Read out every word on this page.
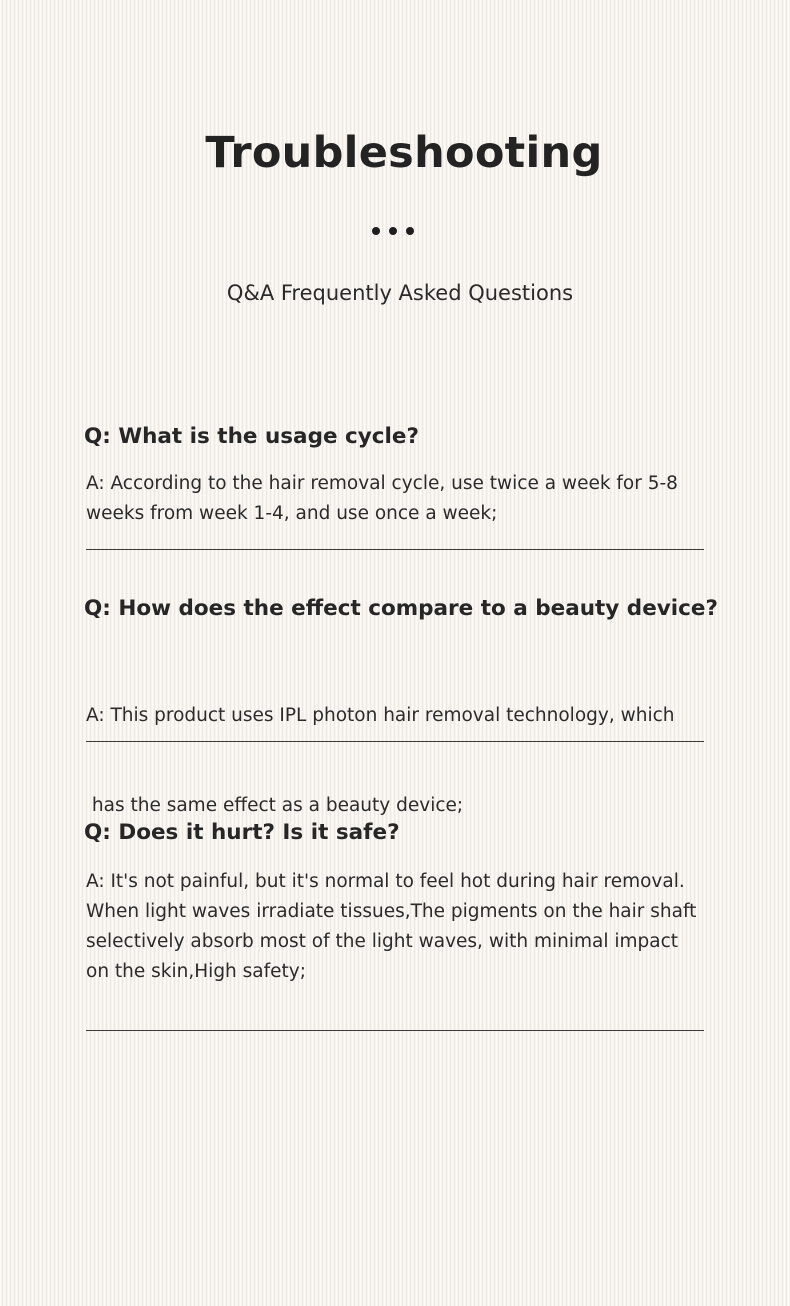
Troubleshooting
Q&A Frequently Asked Questions
Q: What is the usage cycle?
A: According to the hair removal cycle, use twice a week for 5-8
weeks from week 1-4, and use once a week;
Q: How does the effect compare to a beauty device?

A: This product uses IPL photon hair removal technology, which

has the same effect as a beauty device;

Q: Does it hurt? Is it safe?
A: It's not painful, but it's normal to feel hot during hair removal.
When light waves irradiate tissues,The pigments on the hair shaft
selectively absorb most of the light waves, with minimal impact
on the skin,High safety;
